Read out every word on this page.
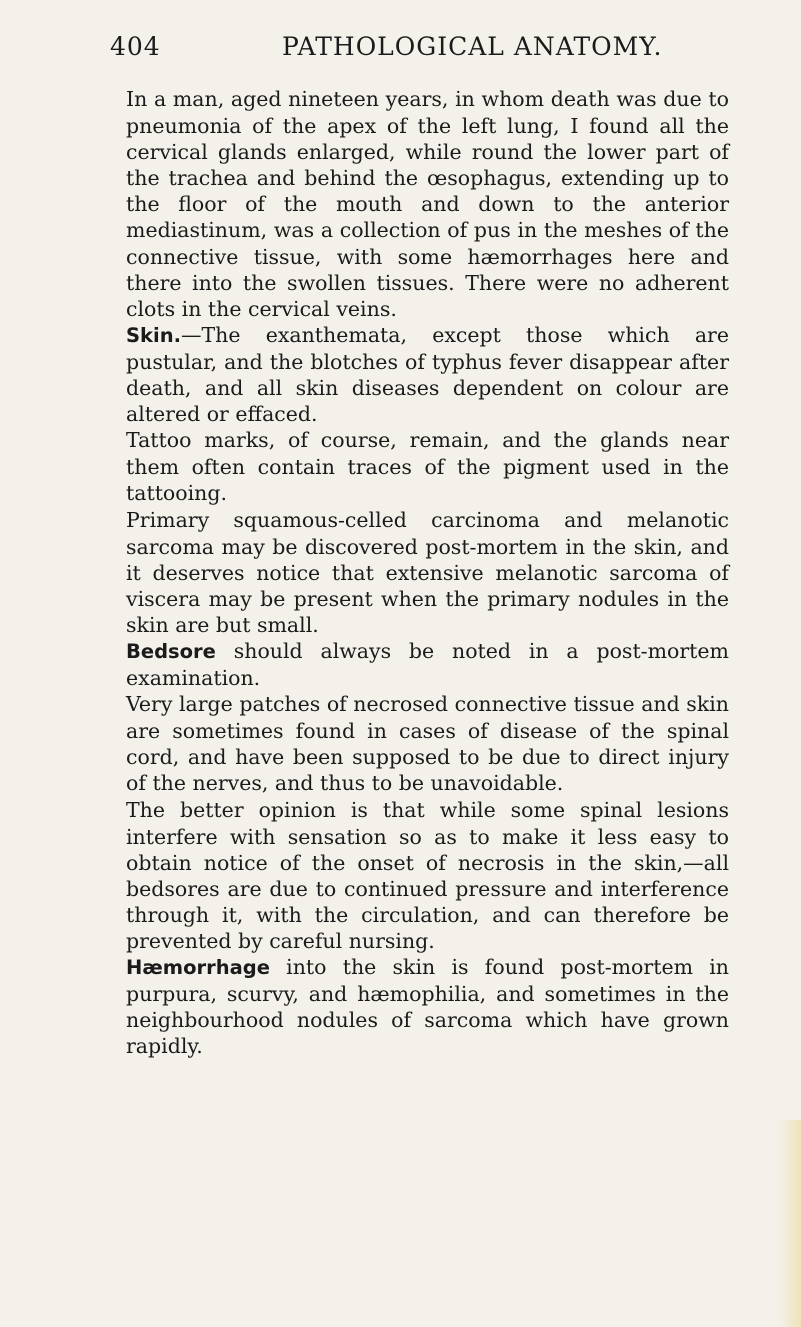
404	PATHOLOGICAL ANATOMY.

In a man, aged nineteen years, in whom death was due to pneumonia of the apex of the left lung, I found all the cervical glands enlarged, while round the lower part of the trachea and behind the œsophagus, extending up to the floor of the mouth and down to the anterior mediastinum, was a collection of pus in the meshes of the connective tissue, with some hæmorrhages here and there into the swollen tissues. There were no adherent clots in the cervical veins.

Skin.—The exanthemata, except those which are pustular, and the blotches of typhus fever disappear after death, and all skin diseases dependent on colour are altered or effaced.

Tattoo marks, of course, remain, and the glands near them often contain traces of the pigment used in the tattooing.

Primary squamous-celled carcinoma and melanotic sarcoma may be discovered post-mortem in the skin, and it deserves notice that extensive melanotic sarcoma of viscera may be present when the primary nodules in the skin are but small.

Bedsore should always be noted in a post-mortem examination.

Very large patches of necrosed connective tissue and skin are sometimes found in cases of disease of the spinal cord, and have been supposed to be due to direct injury of the nerves, and thus to be unavoidable.

The better opinion is that while some spinal lesions interfere with sensation so as to make it less easy to obtain notice of the onset of necrosis in the skin,—all bedsores are due to continued pressure and interference through it, with the circulation, and can therefore be prevented by careful nursing.

Hæmorrhage into the skin is found post-mortem in purpura, scurvy, and hæmophilia, and sometimes in the neighbourhood nodules of sarcoma which have grown rapidly.
